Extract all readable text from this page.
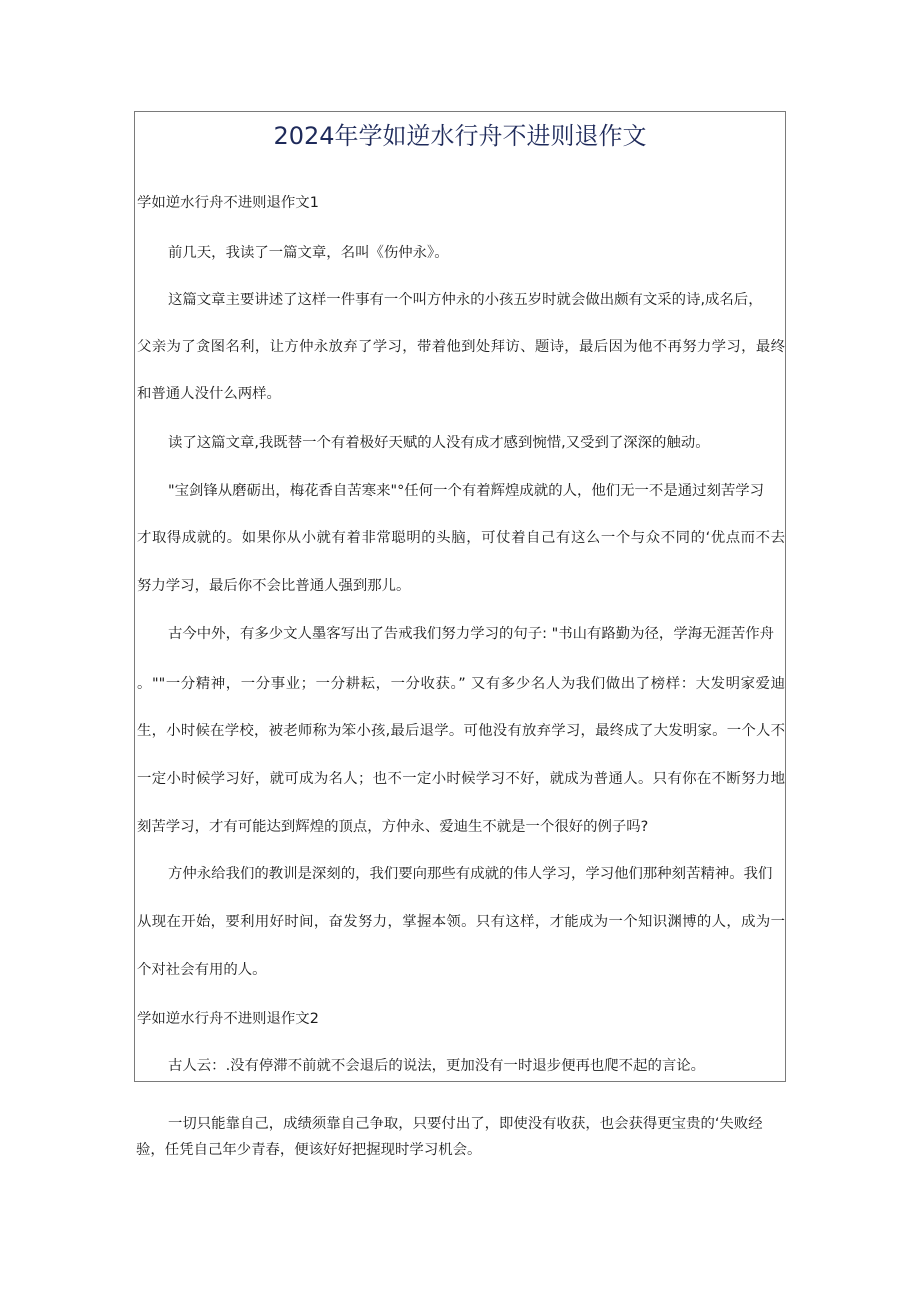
2024年学如逆水行舟不进则退作文

学如逆水行舟不进则退作文1

前几天，我读了一篇文章，名叫《伤仲永》。

这篇文章主要讲述了这样一件事有一个叫方仲永的小孩五岁时就会做出颇有文采的诗,成名后，

父亲为了贪图名利，让方仲永放弃了学习，带着他到处拜访、题诗，最后因为他不再努力学习，最终

和普通人没什么两样。

读了这篇文章,我既替一个有着极好天赋的人没有成才感到惋惜,又受到了深深的触动。

"宝剑锋从磨砺出，梅花香自苦寒来"°任何一个有着辉煌成就的人，他们无一不是通过刻苦学习

才取得成就的。如果你从小就有着非常聪明的头脑，可仗着自己有这么一个与众不同的‘优点而不去

努力学习，最后你不会比普通人强到那儿。

古今中外，有多少文人墨客写出了告戒我们努力学习的句子: "书山有路勤为径，学海无涯苦作舟

。""一分精神，一分事业；一分耕耘，一分收获。” 又有多少名人为我们做出了榜样：大发明家爱迪

生，小时候在学校，被老师称为笨小孩,最后退学。可他没有放弃学习，最终成了大发明家。一个人不

一定小时候学习好，就可成为名人；也不一定小时候学习不好，就成为普通人。只有你在不断努力地

刻苦学习，才有可能达到辉煌的顶点，方仲永、爱迪生不就是一个很好的例子吗?

方仲永给我们的教训是深刻的，我们要向那些有成就的伟人学习，学习他们那种刻苦精神。我们

从现在开始，要利用好时间，奋发努力，掌握本领。只有这样，才能成为一个知识渊博的人，成为一

个对社会有用的人。

学如逆水行舟不进则退作文2

古人云：.没有停滞不前就不会退后的说法，更加没有一时退步便再也爬不起的言论。

一切只能靠自己，成绩须靠自己争取，只要付出了，即使没有收获，也会获得更宝贵的‘失败经

验，任凭自己年少青春，便该好好把握现时学习机会。
